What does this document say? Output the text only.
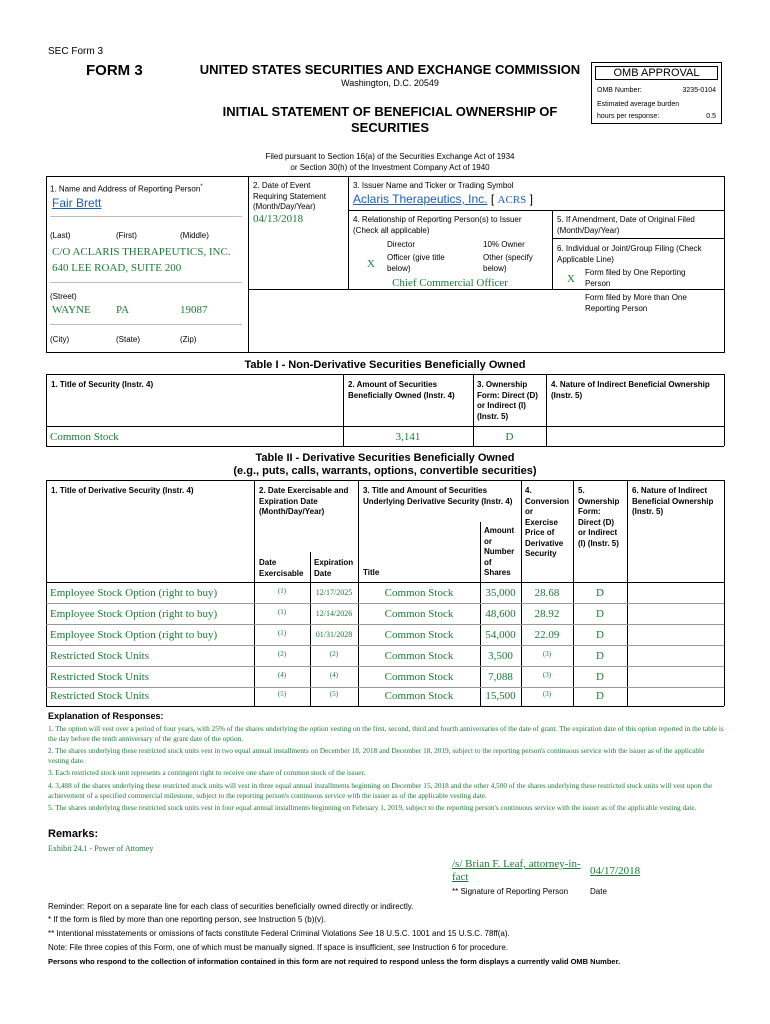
SEC Form 3
FORM 3	UNITED STATES SECURITIES AND EXCHANGE COMMISSION
Washington, D.C. 20549
INITIAL STATEMENT OF BENEFICIAL OWNERSHIP OF
SECURITIES
OMB APPROVAL
OMB Number:	3235-0104
Estimated average burden
hours per response:	0.5
Filed pursuant to Section 16(a) of the Securities Exchange Act of 1934
or Section 30(h) of the Investment Company Act of 1940
1. Name and Address of Reporting Person*
Fair Brett
(Last)	(First)	(Middle)
C/O ACLARIS THERAPEUTICS, INC.
640 LEE ROAD, SUITE 200
(Street)
WAYNE PA	19087
(City)	(State)	(Zip)
2. Date of Event
Requiring Statement
(Month/Day/Year)
04/13/2018
3. Issuer Name and Ticker or Trading Symbol
Aclaris Therapeutics, Inc. [ ACRS ]
4. Relationship of Reporting Person(s) to Issuer
(Check all applicable)
Director	10% Owner
X
Officer (give title
below)
Other (specify
below)
Chief Commercial Officer
5. If Amendment, Date of Original Filed
(Month/Day/Year)
6. Individual or Joint/Group Filing (Check
Applicable Line)
X
Form filed by One Reporting
Person
Form filed by More than One
Reporting Person
Table I - Non-Derivative Securities Beneficially Owned
1. Title of Security (Instr. 4)	2. Amount of Securities
Beneficially Owned (Instr. 4)
3. Ownership
Form: Direct (D)
or Indirect (I)
(Instr. 5)
4. Nature of Indirect Beneficial Ownership
(Instr. 5)
Common Stock	3,141	D
Table II - Derivative Securities Beneficially Owned
(e.g., puts, calls, warrants, options, convertible securities)
1. Title of Derivative Security (Instr. 4)	2. Date Exercisable and
Expiration Date
(Month/Day/Year)
Date
Exercisable
Expiration
Date
3. Title and Amount of Securities
Underlying Derivative Security (Instr. 4)
Title
Amount
or
Number
of
Shares
4.
Conversion
or
Exercise
Price of
Derivative
Security
5.
Ownership
Form:
Direct (D)
or Indirect
(I) (Instr. 5)
6. Nature of Indirect
Beneficial Ownership
(Instr. 5)
Employee Stock Option (right to buy)	(1)	12/17/2025	Common Stock	35,000	28.68	D
Employee Stock Option (right to buy)	(1)	12/14/2026	Common Stock	48,600	28.92	D
Employee Stock Option (right to buy)	(1)	01/31/2028	Common Stock	54,000	22.09	D
Restricted Stock Units	(2)	(2)	Common Stock	3,500	(3)	D
Restricted Stock Units	(4)	(4)	Common Stock	7,088	(3)	D
Restricted Stock Units	(5)	(5)	Common Stock	15,500	(3)	D
Explanation of Responses:
1. The option will vest over a period of four years, with 25% of the shares underlying the option vesting on the first, second, third and fourth anniversaries of the date of grant. The expiration date of this option reported in the table is the day before the tenth anniversary of the grant date of the option.
2. The shares underlying these restricted stock units vest in two equal annual installments on December 18, 2018 and December 18, 2019, subject to the reporting person's continuous service with the issuer as of the applicable vesting date.
3. Each restricted stock unit represents a contingent right to receive one share of common stock of the issuer.
4. 3,488 of the shares underlying these restricted stock units will vest in three equal annual installments beginning on December 15, 2018 and the other 4,500 of the shares underlying these restricted stock units will vest upon the achievement of a specified commercial milestone, subject to the reporting person's continuous service with the issuer as of the applicable vesting date.
5. The shares underlying these restricted stock units vest in four equal annual installments beginning on February 1, 2019, subject to the reporting person's continuous service with the issuer as of the applicable vesting date.
Remarks:
Exhibit 24.1 - Power of Attorney
/s/ Brian F. Leaf, attorney-in-
fact	04/17/2018
** Signature of Reporting Person	Date
Reminder: Report on a separate line for each class of securities beneficially owned directly or indirectly.
* If the form is filed by more than one reporting person, see Instruction 5 (b)(v).
** Intentional misstatements or omissions of facts constitute Federal Criminal Violations See 18 U.S.C. 1001 and 15 U.S.C. 78ff(a).
Note: File three copies of this Form, one of which must be manually signed. If space is insufficient, see Instruction 6 for procedure.
Persons who respond to the collection of information contained in this form are not required to respond unless the form displays a currently valid OMB Number.
